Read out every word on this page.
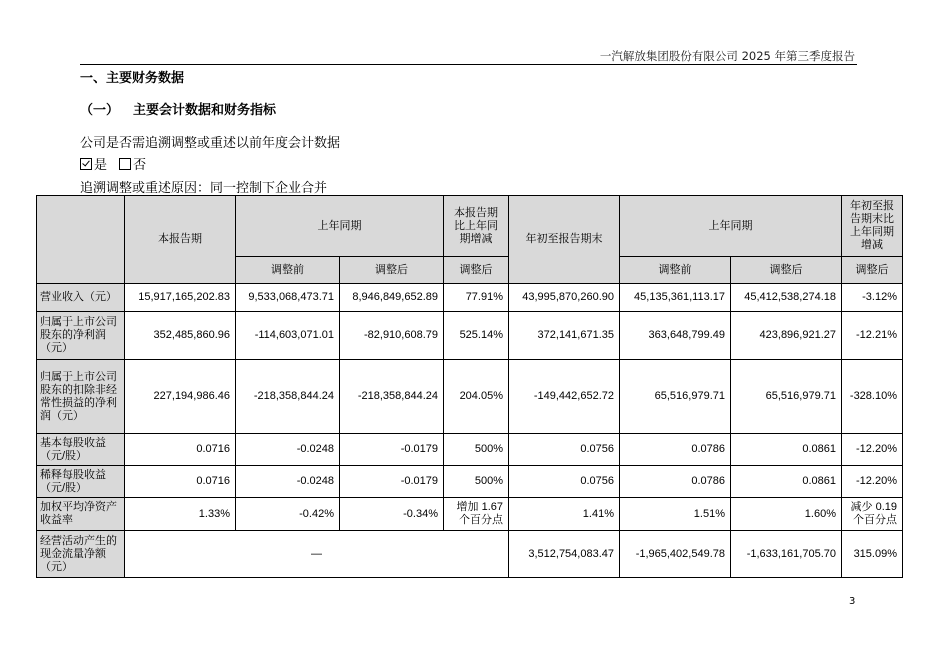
一汽解放集团股份有限公司 2025 年第三季度报告
一、主要财务数据
（一） 主要会计数据和财务指标
公司是否需追溯调整或重述以前年度会计数据
是 否
追溯调整或重述原因：同一控制下企业合并
	本报告期	上年同期		本报告期比上年同期增减	年初至报告期末	上年同期		年初至报告期末比上年同期增减
		调整前	调整后	调整后		调整前	调整后	调整后
营业收入（元）	15,917,165,202.83	9,533,068,473.71	8,946,849,652.89	77.91%	43,995,870,260.90	45,135,361,113.17	45,412,538,274.18	-3.12%
归属于上市公司股东的净利润（元）	352,485,860.96	-114,603,071.01	-82,910,608.79	525.14%	372,141,671.35	363,648,799.49	423,896,921.27	-12.21%
归属于上市公司股东的扣除非经常性损益的净利润（元）	227,194,986.46	-218,358,844.24	-218,358,844.24	204.05%	-149,442,652.72	65,516,979.71	65,516,979.71	-328.10%
基本每股收益（元/股）	0.0716	-0.0248	-0.0179	500%	0.0756	0.0786	0.0861	-12.20%
稀释每股收益（元/股）	0.0716	-0.0248	-0.0179	500%	0.0756	0.0786	0.0861	-12.20%
加权平均净资产收益率	1.33%	-0.42%	-0.34%	增加 1.67 个百分点	1.41%	1.51%	1.60%	减少 0.19 个百分点
经营活动产生的现金流量净额（元）	—				3,512,754,083.47	-1,965,402,549.78	-1,633,161,705.70	315.09%
3
